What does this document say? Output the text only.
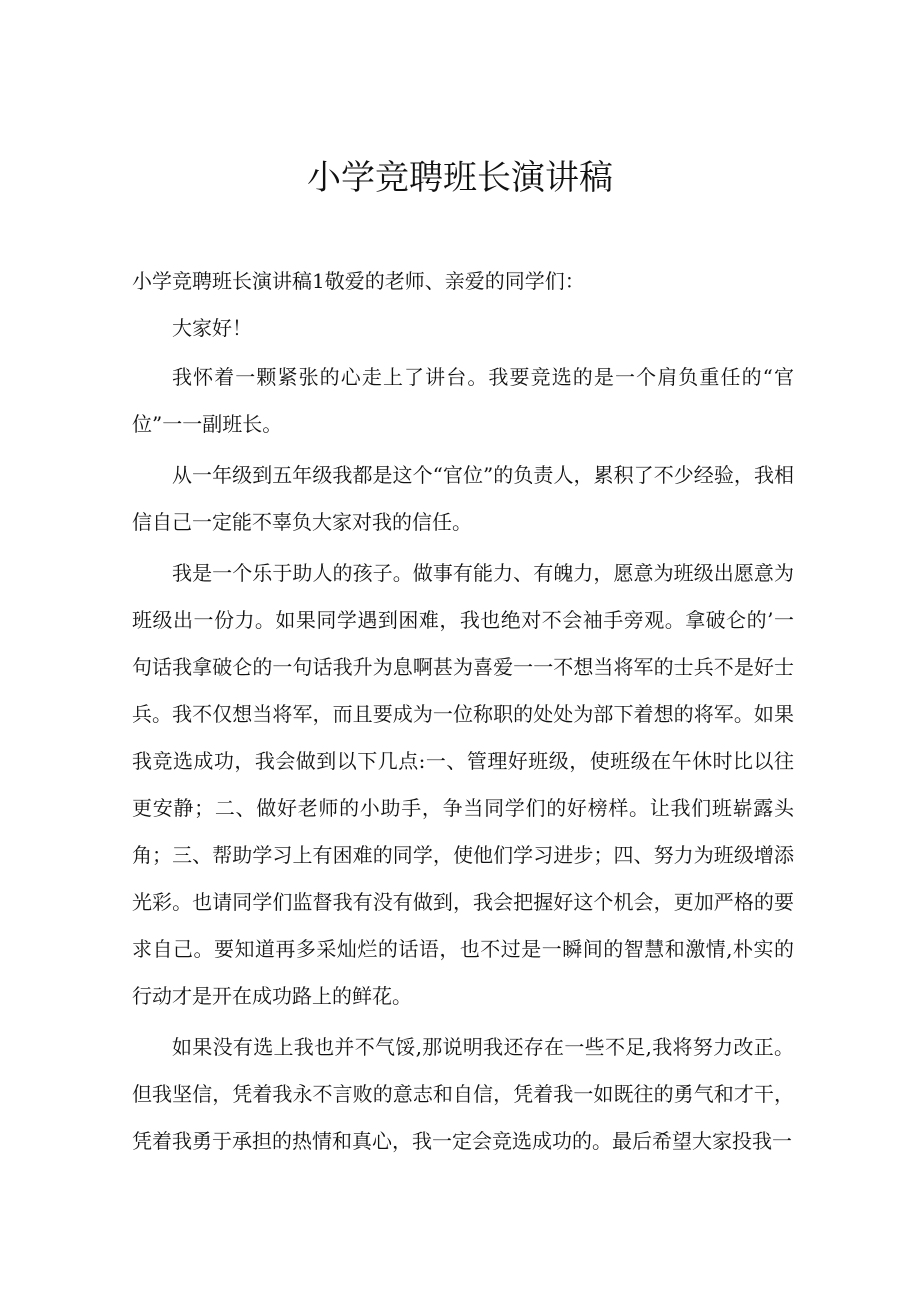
小学竞聘班长演讲稿

小学竞聘班长演讲稿1敬爱的老师、亲爱的同学们：

大家好！

我怀着一颗紧张的心走上了讲台。我要竞选的是一个肩负重任的“官位”一一副班长。

从一年级到五年级我都是这个“官位”的负责人，累积了不少经验，我相信自己一定能不辜负大家对我的信任。

我是一个乐于助人的孩子。做事有能力、有魄力，愿意为班级出愿意为班级出一份力。如果同学遇到困难，我也绝对不会袖手旁观。拿破仑的’一句话我拿破仑的一句话我升为息啊甚为喜爱一一不想当将军的士兵不是好士兵。我不仅想当将军，而且要成为一位称职的处处为部下着想的将军。如果我竞选成功，我会做到以下几点:一、管理好班级，使班级在午休时比以往更安静；二、做好老师的小助手，争当同学们的好榜样。让我们班崭露头角；三、帮助学习上有困难的同学，使他们学习进步；四、努力为班级增添光彩。也请同学们监督我有没有做到，我会把握好这个机会，更加严格的要求自己。要知道再多采灿烂的话语，也不过是一瞬间的智慧和激情,朴实的行动才是开在成功路上的鲜花。

如果没有选上我也并不气馁,那说明我还存在一些不足,我将努力改正。但我坚信，凭着我永不言败的意志和自信，凭着我一如既往的勇气和才干，凭着我勇于承担的热情和真心，我一定会竞选成功的。最后希望大家投我一
